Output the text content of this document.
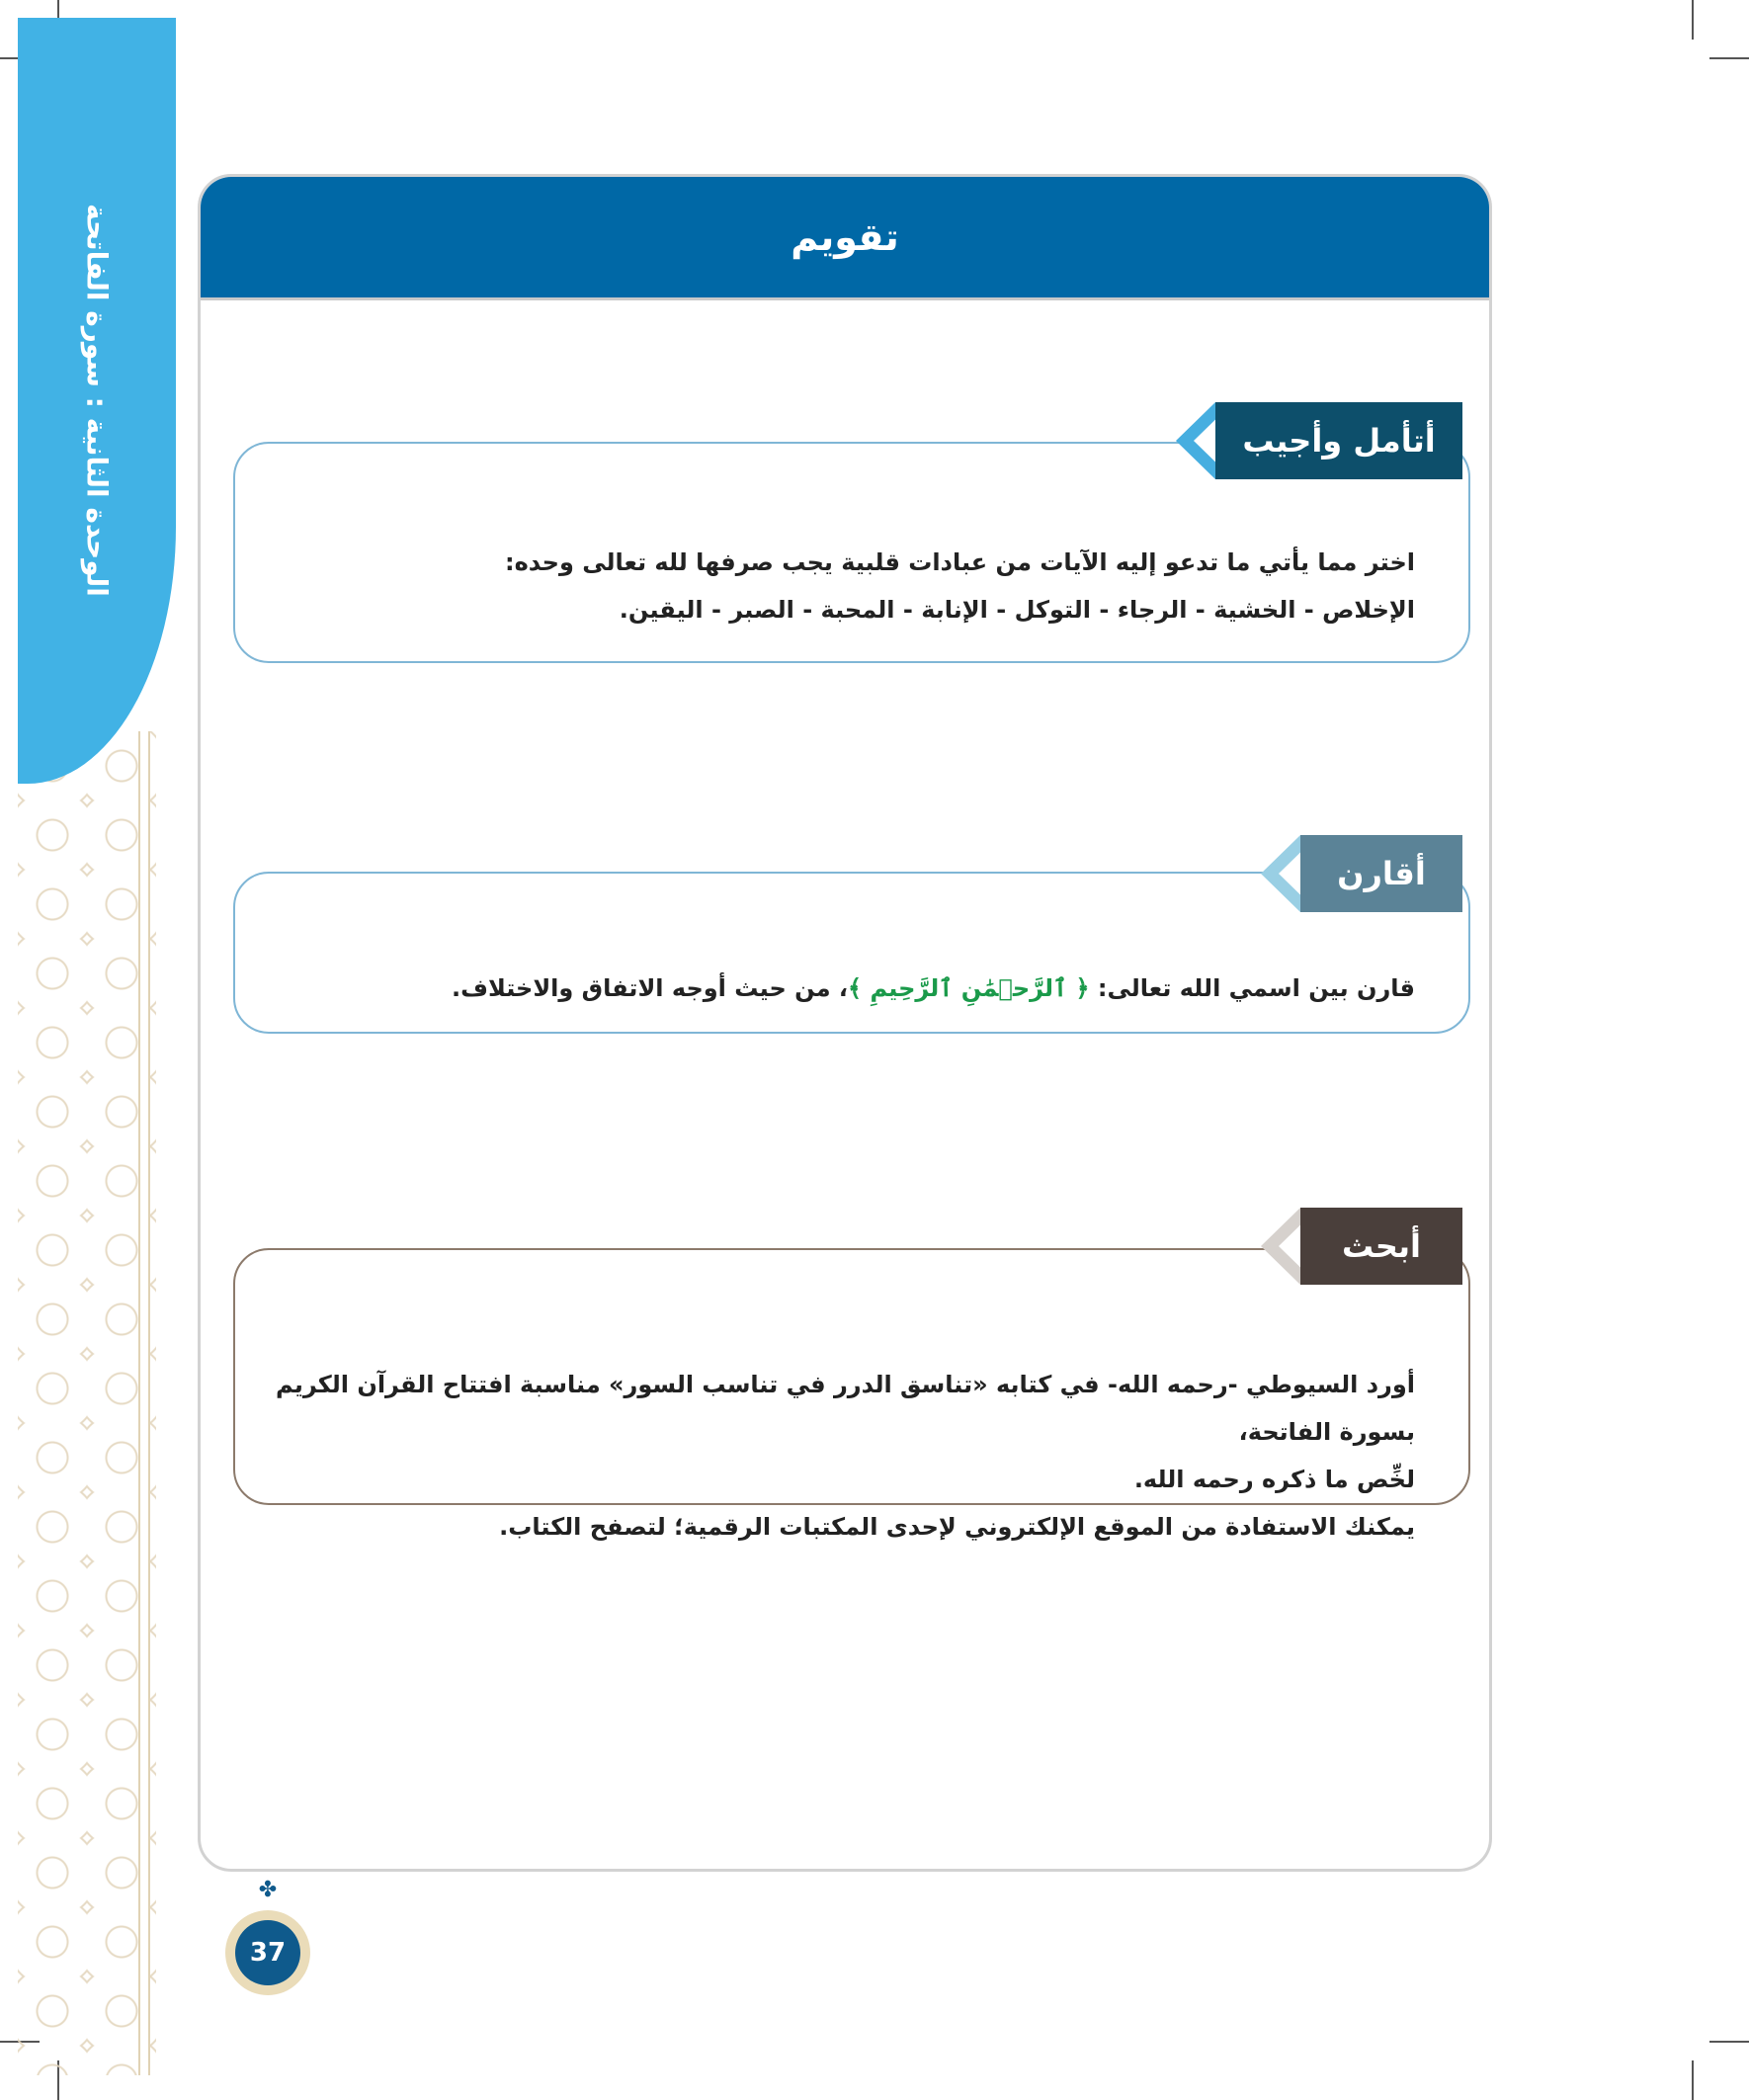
الوحدة الثانية : سورة الفاتحة	تقويم
اختر مما يأتي ما تدعو إليه الآيات من عبادات قلبية يجب صرفها لله تعالى وحده:
الإخلاص - الخشية - الرجاء - التوكل - الإنابة - المحبة - الصبر - اليقين.
أتأمل وأجيب
قارن بين اسمي الله تعالى: ﴿ ٱلرَّحۡمَٰنِ ٱلرَّحِيمِ ﴾، من حيث أوجه الاتفاق والاختلاف.
أقارن
أورد السيوطي -رحمه الله- في كتابه «تناسق الدرر في تناسب السور» مناسبة افتتاح القرآن الكريم بسورة الفاتحة،
لخِّص ما ذكره رحمه الله.
يمكنك الاستفادة من الموقع الإلكتروني لإحدى المكتبات الرقمية؛ لتصفح الكتاب.
أبحث
✤
37
